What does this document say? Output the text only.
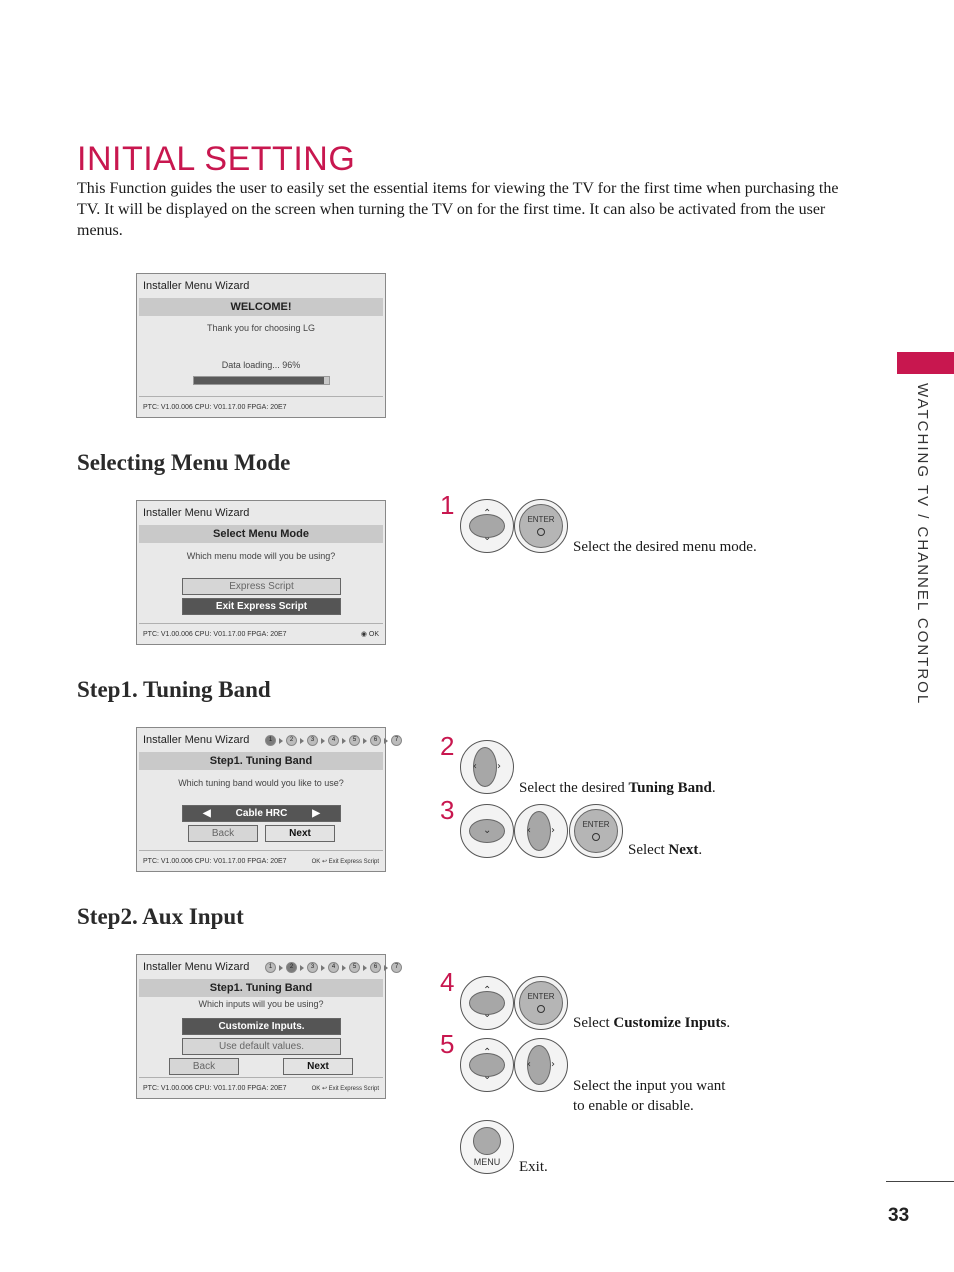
INITIAL SETTING

This Function guides the user to easily set the essential items for viewing the TV for the first time when purchasing the TV. It will be displayed on the screen when turning the TV on for the first time. It can also be activated from the user menus.

WATCHING TV / CHANNEL CONTROL
Installer Menu Wizard
WELCOME!
Thank you for choosing LG
Data loading... 96%
PTC: V1.00.006 CPU: V01.17.00 FPGA: 20E7
Selecting Menu Mode
Installer Menu Wizard
Select Menu Mode
Which menu mode will you be using?
Express Script
Exit Express Script
PTC: V1.00.006 CPU: V01.17.00 FPGA: 20E7	◉ OK
Step1. Tuning Band
Installer Menu Wizard	1	2	3	4	5	6	7
Step1. Tuning Band
Which tuning band would you like to use?
◀ Cable HRC ▶
Back	Next
PTC: V1.00.006 CPU: V01.17.00 FPGA: 20E7	OK ↩ Exit Express Script
Step2. Aux Input
Installer Menu Wizard	1	2	3	4	5	6	7
Step1. Tuning Band
Which inputs will you be using?
Customize Inputs.
Use default values.
Back	Next
PTC: V1.00.006 CPU: V01.17.00 FPGA: 20E7	OK ↩ Exit Express Script
1	⌃
⌄
ENTER
Select the desired menu mode.
2
‹ ›
Select the desired Tuning Band.
3
⌄	‹ ›
ENTER
Select Next.
4	⌃
⌄
ENTER
Select Customize Inputs.
5	⌃
⌄
‹ ›
Select the input you want
to enable or disable.
MENU	Exit.
33
